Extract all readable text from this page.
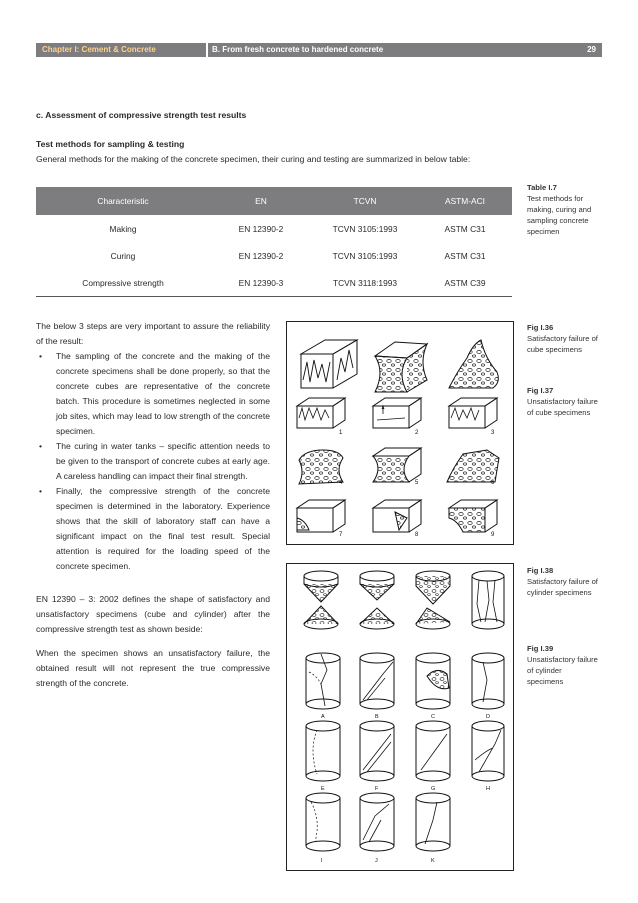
Chapter I: Cement & Concrete	B. From fresh concrete to hardened concrete	29
c. Assessment of compressive strength test results
Test methods for sampling & testing
General methods for the making of the concrete specimen, their curing and testing are summarized in below table:
Characteristic	EN	TCVN	ASTM-ACI
Making	EN 12390-2	TCVN 3105:1993	ASTM C31
Curing	EN 12390-2	TCVN 3105:1993	ASTM C31
Compressive strength	EN 12390-3	TCVN 3118:1993	ASTM C39
Table I.7
Test methods for making, curing and sampling concrete specimen
Fig I.36
Satisfactory failure of cube specimens
Fig I.37
Unsatisfactory failure of cube specimens
Fig I.38
Satisfactory failure of cylinder specimens
Fig I.39
Unsatisfactory failure of cylinder specimens
The below 3 steps are very important to assure the reliability of the result:
• The sampling of the concrete and the making of the concrete specimens shall be done properly, so that the concrete cubes are representative of the concrete batch. This procedure is sometimes neglected in some job sites, which may lead to low strength of the concrete specimen.
• The curing in water tanks – specific attention needs to be given to the transport of concrete cubes at early age. A careless handling can impact their final strength.
• Finally, the compressive strength of the concrete specimen is determined in the laboratory. Experience shows that the skill of laboratory staff can have a significant impact on the final test result. Special attention is required for the loading speed of the concrete specimen.
EN 12390 – 3: 2002 defines the shape of satisfactory and unsatisfactory specimens (cube and cylinder) after the compressive strength test as shown beside:
When the specimen shows an unsatisfactory failure, the obtained result will not represent the true compressive strength of the concrete.
1	2	3
4	5	6
7	8	9
A	B	C	D
E	F	G	H
I	J	K
